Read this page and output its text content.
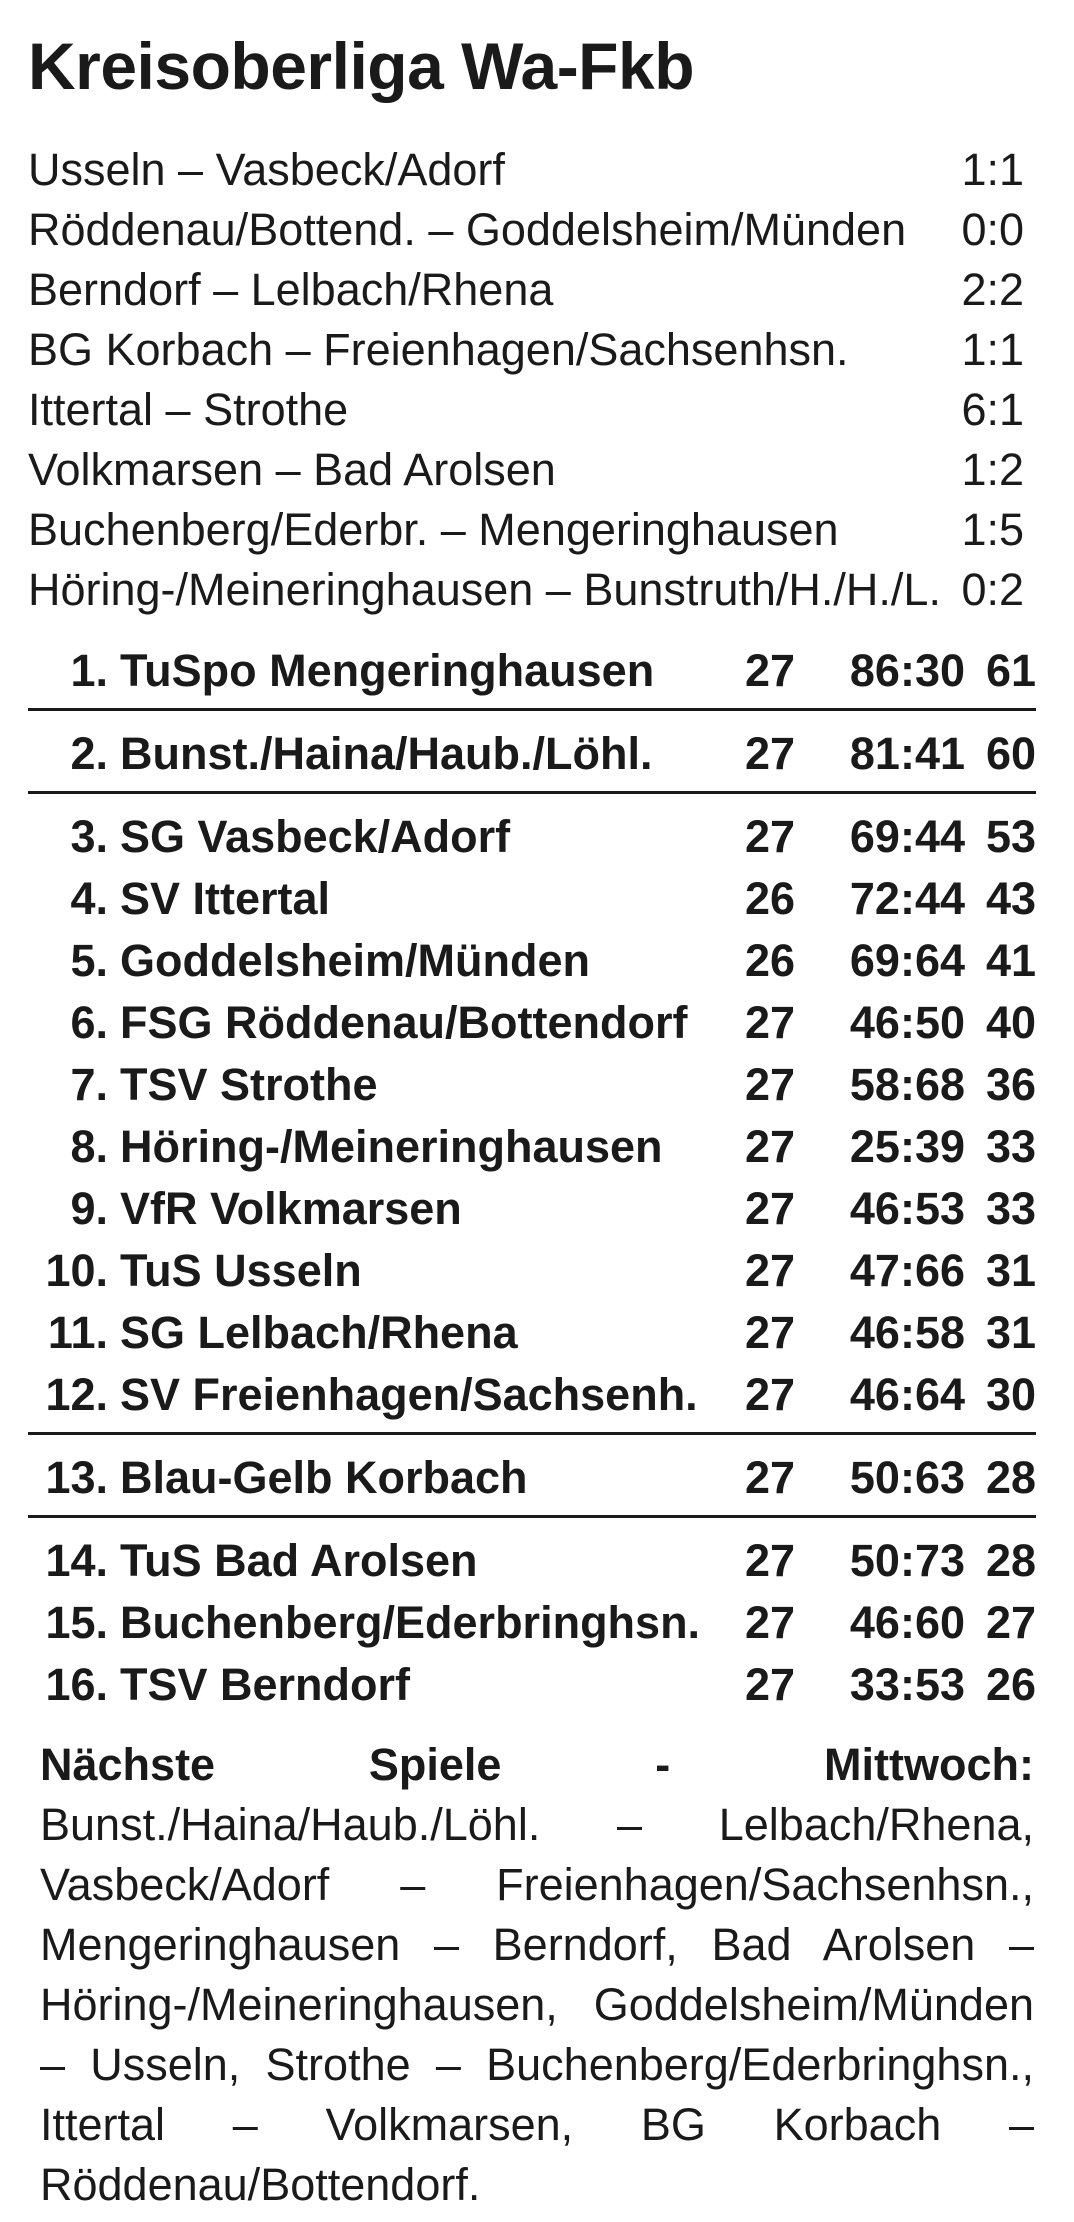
Kreisoberliga Wa-Fkb
Usseln – Vasbeck/Adorf	1:1
Röddenau/Bottend. – Goddelsheim/Münden 0:0
Berndorf – Lelbach/Rhena	2:2
BG Korbach – Freienhagen/Sachsenhsn.	1:1
Ittertal – Strothe	6:1
Volkmarsen – Bad Arolsen	1:2
Buchenberg/Ederbr. – Mengeringhausen	1:5
Höring-/Meineringhausen – Bunstruth/H./H./L. 0:2
1. TuSpo Mengeringhausen 27	86:30 61
2. Bunst./Haina/Haub./Löhl. 27	81:41 60
3. SG Vasbeck/Adorf	27	69:44 53
4. SV Ittertal	26	72:44 43
5. Goddelsheim/Münden	26	69:64 41
6. FSG Röddenau/Bottendorf 27	46:50 40
7. TSV Strothe	27	58:68 36
8. Höring-/Meineringhausen 27	25:39 33
9. VfR Volkmarsen	27	46:53 33
10. TuS Usseln	27	47:66 31
11. SG Lelbach/Rhena	27	46:58 31
12. SV Freienhagen/Sachsenh. 27	46:64 30
13. Blau-Gelb Korbach	27	50:63 28
14. TuS Bad Arolsen	27	50:73 28
15. Buchenberg/Ederbringhsn. 27	46:60 27
16. TSV Berndorf	27	33:53 26
Nächste Spiele - Mittwoch: Bunst./Haina/Haub./Löhl. – Lelbach/Rhena, Vasbeck/Adorf – Freienhagen/Sachsenhsn., Mengeringhausen – Berndorf, Bad Arolsen – Höring-/Meineringhausen, Goddelsheim/Münden – Usseln, Strothe – Buchenberg/Ederbringhsn., Ittertal – Volkmarsen, BG Korbach – Röddenau/Bottendorf.
